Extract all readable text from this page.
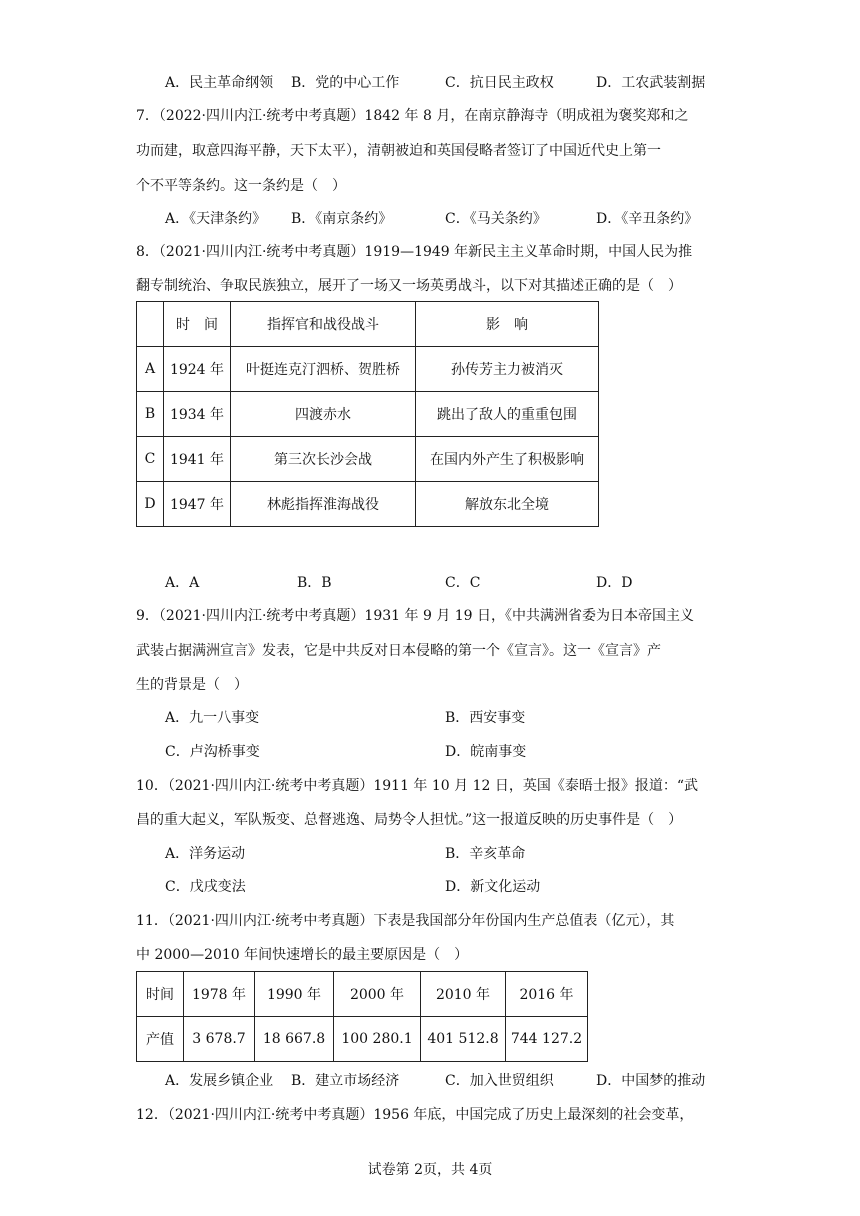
A．民主革命纲领 B．党的中心工作	C．抗日民主政权	D．工农武装割据
7．（2022·四川内江·统考中考真题）1842 年 8 月，在南京静海寺（明成祖为褒奖郑和之
功而建，取意四海平静，天下太平），清朝被迫和英国侵略者签订了中国近代史上第一
个不平等条约。这一条约是（　）
A．《天津条约》 B．《南京条约》	C．《马关条约》	D．《辛丑条约》
8．（2021·四川内江·统考中考真题）1919—1949 年新民主主义革命时期，中国人民为推
翻专制统治、争取民族独立，展开了一场又一场英勇战斗，以下对其描述正确的是（　）
	时　间	指挥官和战役战斗	影　响
A	1924 年	叶挺连克汀泗桥、贺胜桥	孙传芳主力被消灭
B	1934 年	四渡赤水	跳出了敌人的重重包围
C	1941 年	第三次长沙会战	在国内外产生了积极影响
D	1947 年	林彪指挥淮海战役	解放东北全境
A．A	B．B	C．C	D．D
9．（2021·四川内江·统考中考真题）1931 年 9 月 19 日，《中共满洲省委为日本帝国主义
武装占据满洲宣言》发表，它是中共反对日本侵略的第一个《宣言》。这一《宣言》产
生的背景是（　）
A．九一八事变	B．西安事变
C．卢沟桥事变	D．皖南事变
10．（2021·四川内江·统考中考真题）1911 年 10 月 12 日，英国《泰晤士报》报道：“武
昌的重大起义，军队叛变、总督逃逸、局势令人担忧。”这一报道反映的历史事件是（　）
A．洋务运动	B．辛亥革命
C．戊戌变法	D．新文化运动
11．（2021·四川内江·统考中考真题）下表是我国部分年份国内生产总值表（亿元），其
中 2000—2010 年间快速增长的最主要原因是（　）
时间	1978 年	1990 年	2000 年	2010 年	2016 年
产值	3 678.7	18 667.8	100 280.1	401 512.8	744 127.2
A．发展乡镇企业 B．建立市场经济	C．加入世贸组织	D．中国梦的推动
12．（2021·四川内江·统考中考真题）1956 年底，中国完成了历史上最深刻的社会变革，
试卷第 2页，共 4页
